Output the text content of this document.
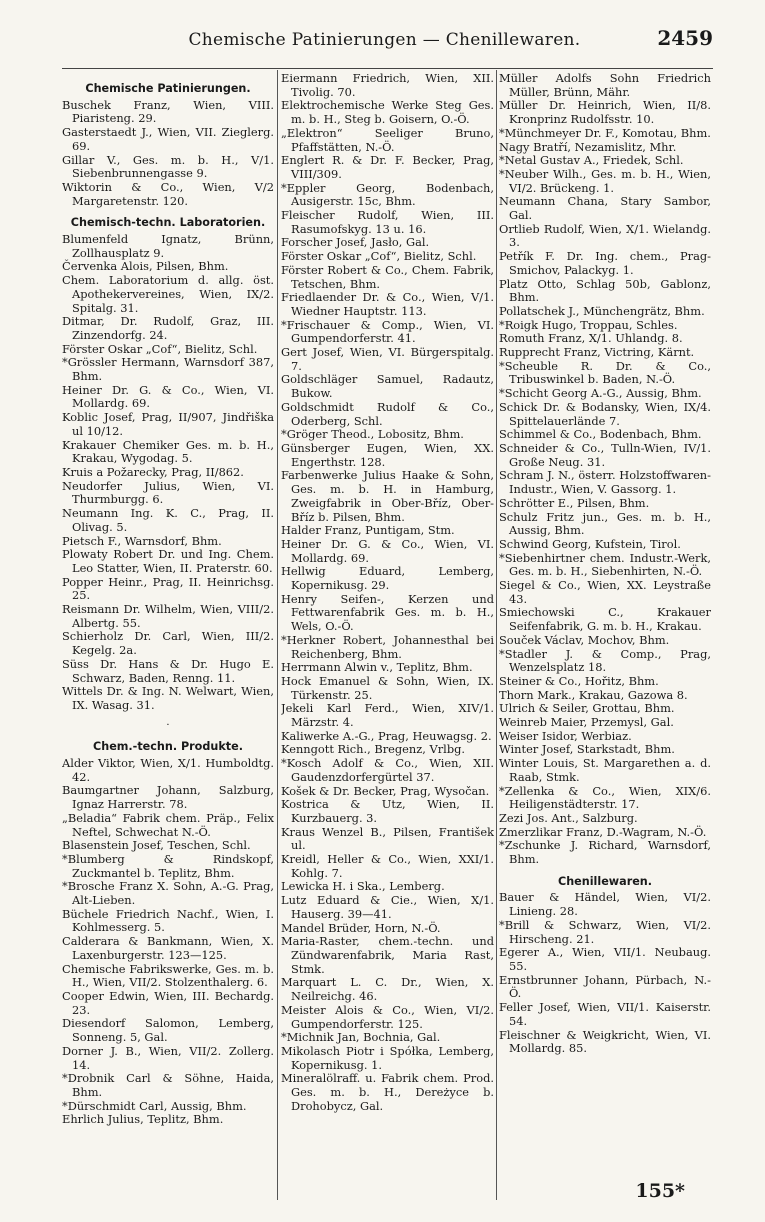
Chemische Patinierungen — Chenillewaren.	2459
Chemische Patinierungen.

Buschek Franz, Wien, VIII. Piaristeng. 29.

Gasterstaedt J., Wien, VII. Zieglerg. 69.

Gillar V., Ges. m. b. H., V/1. Siebenbrunnengasse 9.

Wiktorin & Co., Wien, V/2 Margaretenstr. 120.

Chemisch-techn. Laboratorien.

Blumenfeld Ignatz, Brünn, Zollhausplatz 9.

Červenka Alois, Pilsen, Bhm.

Chem. Laboratorium d. allg. öst. Apothekervereines, Wien, IX/2. Spitalg. 31.

Ditmar, Dr. Rudolf, Graz, III. Zinzendorfg. 24.

Förster Oskar „Cof“, Bielitz, Schl.

*Grössler Hermann, Warnsdorf 387, Bhm.

Heiner Dr. G. & Co., Wien, VI. Mollardg. 69.

Koblic Josef, Prag, II/907, Jindřiška ul 10/12.

Krakauer Chemiker Ges. m. b. H., Krakau, Wygodag. 5.

Kruis a Požarecky, Prag, II/862.

Neudorfer Julius, Wien, VI. Thurmburgg. 6.

Neumann Ing. K. C., Prag, II. Olivag. 5.

Pietsch F., Warnsdorf, Bhm.

Plowaty Robert Dr. und Ing. Chem. Leo Statter, Wien, II. Praterstr. 60.

Popper Heinr., Prag, II. Heinrichsg. 25.

Reismann Dr. Wilhelm, Wien, VIII/2. Albertg. 55.

Schierholz Dr. Carl, Wien, III/2. Kegelg. 2a.

Süss Dr. Hans & Dr. Hugo E. Schwarz, Baden, Renng. 11.

Wittels Dr. & Ing. N. Welwart, Wien, IX. Wasag. 31.

·
Chem.-techn. Produkte.

Alder Viktor, Wien, X/1. Humboldtg. 42.

Baumgartner Johann, Salzburg, Ignaz Harrerstr. 78.

„Beladia“ Fabrik chem. Präp., Felix Neftel, Schwechat N.-Ö.

Blasenstein Josef, Teschen, Schl.

*Blumberg & Rindskopf, Zuckmantel b. Teplitz, Bhm.

*Brosche Franz X. Sohn, A.-G. Prag, Alt-Lieben.

Büchele Friedrich Nachf., Wien, I. Kohlmesserg. 5.

Calderara & Bankmann, Wien, X. Laxenburgerstr. 123—125.

Chemische Fabrikswerke, Ges. m. b. H., Wien, VII/2. Stolzenthalerg. 6.

Cooper Edwin, Wien, III. Bechardg. 23.

Diesendorf Salomon, Lemberg, Sonneng. 5, Gal.

Dorner J. B., Wien, VII/2. Zollerg. 14.

*Drobnik Carl & Söhne, Haida, Bhm.

*Dürschmidt Carl, Aussig, Bhm.

Ehrlich Julius, Teplitz, Bhm.

Eiermann Friedrich, Wien, XII. Tivolig. 70.

Elektrochemische Werke Steg Ges. m. b. H., Steg b. Goisern, O.-Ö.

„Elektron“ Seeliger Bruno, Pfaffstätten, N.-Ö.

Englert R. & Dr. F. Becker, Prag, VIII/309.

*Eppler Georg, Bodenbach, Ausigerstr. 15c, Bhm.

Fleischer Rudolf, Wien, III. Rasumofskyg. 13 u. 16.

Forscher Josef, Jasło, Gal.

Förster Oskar „Cof“, Bielitz, Schl.

Förster Robert & Co., Chem. Fabrik, Tetschen, Bhm.

Friedlaender Dr. & Co., Wien, V/1. Wiedner Hauptstr. 113.

*Frischauer & Comp., Wien, VI. Gumpendorferstr. 41.

Gert Josef, Wien, VI. Bürgerspitalg. 7.

Goldschläger Samuel, Radautz, Bukow.

Goldschmidt Rudolf & Co., Oderberg, Schl.

*Gröger Theod., Lobositz, Bhm.

Günsberger Eugen, Wien, XX. Engerthstr. 128.

Farbenwerke Julius Haake & Sohn, Ges. m. b. H. in Hamburg, Zweigfabrik in Ober-Bříz, Ober-Bříz b. Pilsen, Bhm.

Halder Franz, Puntigam, Stm.

Heiner Dr. G. & Co., Wien, VI. Mollardg. 69.

Hellwig Eduard, Lemberg, Kopernikusg. 29.

Henry Seifen-, Kerzen und Fettwarenfabrik Ges. m. b. H., Wels, O.-Ö.

*Herkner Robert, Johannesthal bei Reichenberg, Bhm.

Herrmann Alwin v., Teplitz, Bhm.

Hock Emanuel & Sohn, Wien, IX. Türkenstr. 25.

Jekeli Karl Ferd., Wien, XIV/1. Märzstr. 4.

Kaliwerke A.-G., Prag, Heuwagsg. 2.

Kenngott Rich., Bregenz, Vrlbg.

*Kosch Adolf & Co., Wien, XII. Gaudenzdorfergürtel 37.

Košek & Dr. Becker, Prag, Wysočan.

Kostrica & Utz, Wien, II. Kurzbauerg. 3.

Kraus Wenzel B., Pilsen, František ul.

Kreidl, Heller & Co., Wien, XXI/1. Kohlg. 7.

Lewicka H. i Ska., Lemberg.

Lutz Eduard & Cie., Wien, X/1. Hauserg. 39—41.

Mandel Brüder, Horn, N.-Ö.

Maria-Raster, chem.-techn. und Zündwarenfabrik, Maria Rast, Stmk.

Marquart L. C. Dr., Wien, X. Neilreichg. 46.

Meister Alois & Co., Wien, VI/2. Gumpendorferstr. 125.

*Michnik Jan, Bochnia, Gal.

Mikolasch Piotr i Spółka, Lemberg, Kopernikusg. 1.

Mineralölraff. u. Fabrik chem. Prod. Ges. m. b. H., Dereżyce b. Drohobycz, Gal.

Müller Adolfs Sohn Friedrich Müller, Brünn, Mähr.

Müller Dr. Heinrich, Wien, II/8. Kronprinz Rudolfsstr. 10.

*Münchmeyer Dr. F., Komotau, Bhm.

Nagy Bratří, Nezamislitz, Mhr.

*Netal Gustav A., Friedek, Schl.

*Neuber Wilh., Ges. m. b. H., Wien, VI/2. Brückeng. 1.

Neumann Chana, Stary Sambor, Gal.

Ortlieb Rudolf, Wien, X/1. Wielandg. 3.

Petřík F. Dr. Ing. chem., Prag-Smichov, Palackyg. 1.

Platz Otto, Schlag 50b, Gablonz, Bhm.

Pollatschek J., Münchengrätz, Bhm.

*Roigk Hugo, Troppau, Schles.

Romuth Franz, X/1. Uhlandg. 8.

Rupprecht Franz, Victring, Kärnt.

*Scheuble R. Dr. & Co., Tribuswinkel b. Baden, N.-Ö.

*Schicht Georg A.-G., Aussig, Bhm.

Schick Dr. & Bodansky, Wien, IX/4. Spittelauerlände 7.

Schimmel & Co., Bodenbach, Bhm.

Schneider & Co., Tulln-Wien, IV/1. Große Neug. 31.

Schram J. N., österr. Holzstoffwaren-Industr., Wien, V. Gassorg. 1.

Schrötter E., Pilsen, Bhm.

Schulz Fritz jun., Ges. m. b. H., Aussig, Bhm.

Schwind Georg, Kufstein, Tirol.

*Siebenhirtner chem. Industr.-Werk, Ges. m. b. H., Siebenhirten, N.-Ö.

Siegel & Co., Wien, XX. Leystraße 43.

Smiechowski C., Krakauer Seifenfabrik, G. m. b. H., Krakau.

Souček Václav, Mochov, Bhm.

*Stadler J. & Comp., Prag, Wenzelsplatz 18.

Steiner & Co., Hořitz, Bhm.

Thorn Mark., Krakau, Gazowa 8.

Ulrich & Seiler, Grottau, Bhm.

Weinreb Maier, Przemysl, Gal.

Weiser Isidor, Werbiaz.

Winter Josef, Starkstadt, Bhm.

Winter Louis, St. Margarethen a. d. Raab, Stmk.

*Zellenka & Co., Wien, XIX/6. Heiligenstädterstr. 17.

Zezi Jos. Ant., Salzburg.

Zmerzlikar Franz, D.-Wagram, N.-Ö.

*Zschunke J. Richard, Warnsdorf, Bhm.

Chenillewaren.

Bauer & Händel, Wien, VI/2. Linieng. 28.

*Brill & Schwarz, Wien, VI/2. Hirscheng. 21.

Egerer A., Wien, VII/1. Neubaug. 55.

Ernstbrunner Johann, Pürbach, N.-Ö.

Feller Josef, Wien, VII/1. Kaiserstr. 54.

Fleischner & Weigkricht, Wien, VI. Mollardg. 85.

155*
